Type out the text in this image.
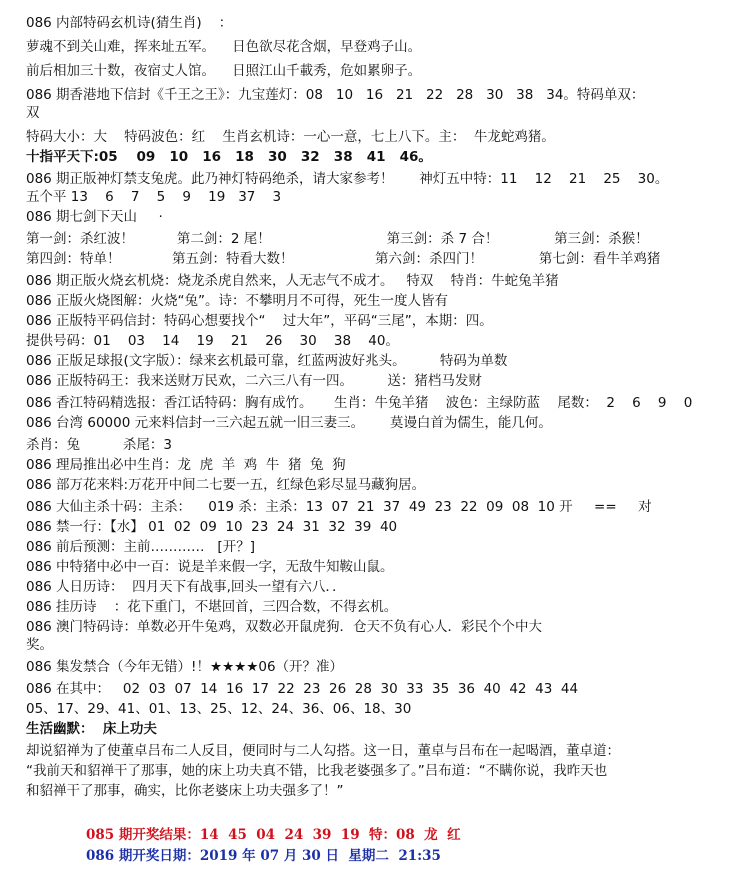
086 内部特码玄机诗(猜生肖)    ：
萝魂不到关山难，挥来址五军。    日色欲尽花含烟，早登鸡子山。
前后相加三十数，夜宿丈人馆。    日照江山千載秀，危如累卵子。
086 期香港地下信封《千王之王》：九宝莲灯：08   10   16   21   22   28   30   38   34。特码单双：
双
特码大小：大    特码波色：红    生肖玄机诗：一心一意，七上八下。主：  牛龙蛇鸡猪。
十指平天下:05    09   10   16   18   30   32   38   41   46。
086 期正版神灯禁支兔虎。此乃神灯特码绝杀，请大家参考！      神灯五中特：11    12    21    25    30。
五个平 13    6    7    5    9    19   37    3
086 期七剑下天山     ·
第一剑：杀红波！          第二剑：2 尾！                           第三剑：杀 7 合！             第三剑：杀猴！
第四剑：特单！            第五剑：特看大数！                   第六剑：杀四门！             第七剑：看牛羊鸡猪
086 期正版火烧玄机烧：烧龙杀虎自然来，人无志气不成才。   特双    特肖：牛蛇兔羊猪
086 正版火烧图解：火烧“兔”。诗：不攀明月不可得，死生一度人皆有
086 正版特平码信封：特码心想要找个“    过大年”，平码“三尾”，本期：四。
提供号码：01    03    14    19    21    26    30    38    40。
086 正版足球报(文字版）：绿来玄机最可靠，红蓝两波好兆头。        特码为单数
086 正版特码王：我来送财万民欢，二六三八有一四。        送：猪档马发财
086 香江特码精选报：香江话特码：胸有成竹。     生肖：牛兔羊猪    波色：主绿防蓝    尾数：  2    6    9    0
086 台湾 60000 元来料信封一三六起五就一旧三妻三。      莫谩白首为儒生，能几何。
杀肖：兔          杀尾：3
086 理局推出必中生肖：龙  虎  羊  鸡  牛  猪  兔  狗
086 部万花来料:万花开中间二七要一五，红绿色彩尽显马藏狗居。
086 大仙主杀十码：主杀：    019 杀：主杀：13  07  21  37  49  23  22  09  08  10 开     ==     对
086 禁一行：【水】 01  02  09  10  23  24  31  32  39  40
086 前后预测：主前…………   [开？]
086 中特猪中必中一百：说是羊来假一字，无敌牛知鞍山鼠。
086 人日历诗：  四月天下有战事,回头一望有六八．．
086 挂历诗    ：花下重门，不堪回首，三四合数，不得玄机。
086 澳门特码诗：单数必开牛兔鸡，双数必开鼠虎狗．仓天不负有心人．彩民个个中大
奖。
086 集发禁合（今年无错）!！★★★★06（开？准）
086 在其中：   02  03  07  14  16  17  22  23  26  28  30  33  35  36  40  42  43  44
05、17、29、41、01、13、25、12、24、36、06、18、30
生活幽默：  床上功夫
却说貂禅为了使董卓吕布二人反目，便同时与二人勾搭。这一日，董卓与吕布在一起喝酒，董卓道：
“我前天和貂禅干了那事，她的床上功夫真不错，比我老婆强多了。”吕布道：“不瞒你说，我昨天也
和貂禅干了那事，确实，比你老婆床上功夫强多了！”
085 期开奖结果：14  45  04  24  39  19  特：08  龙  红
086 期开奖日期：2019 年 07 月 30 日  星期二  21:35
